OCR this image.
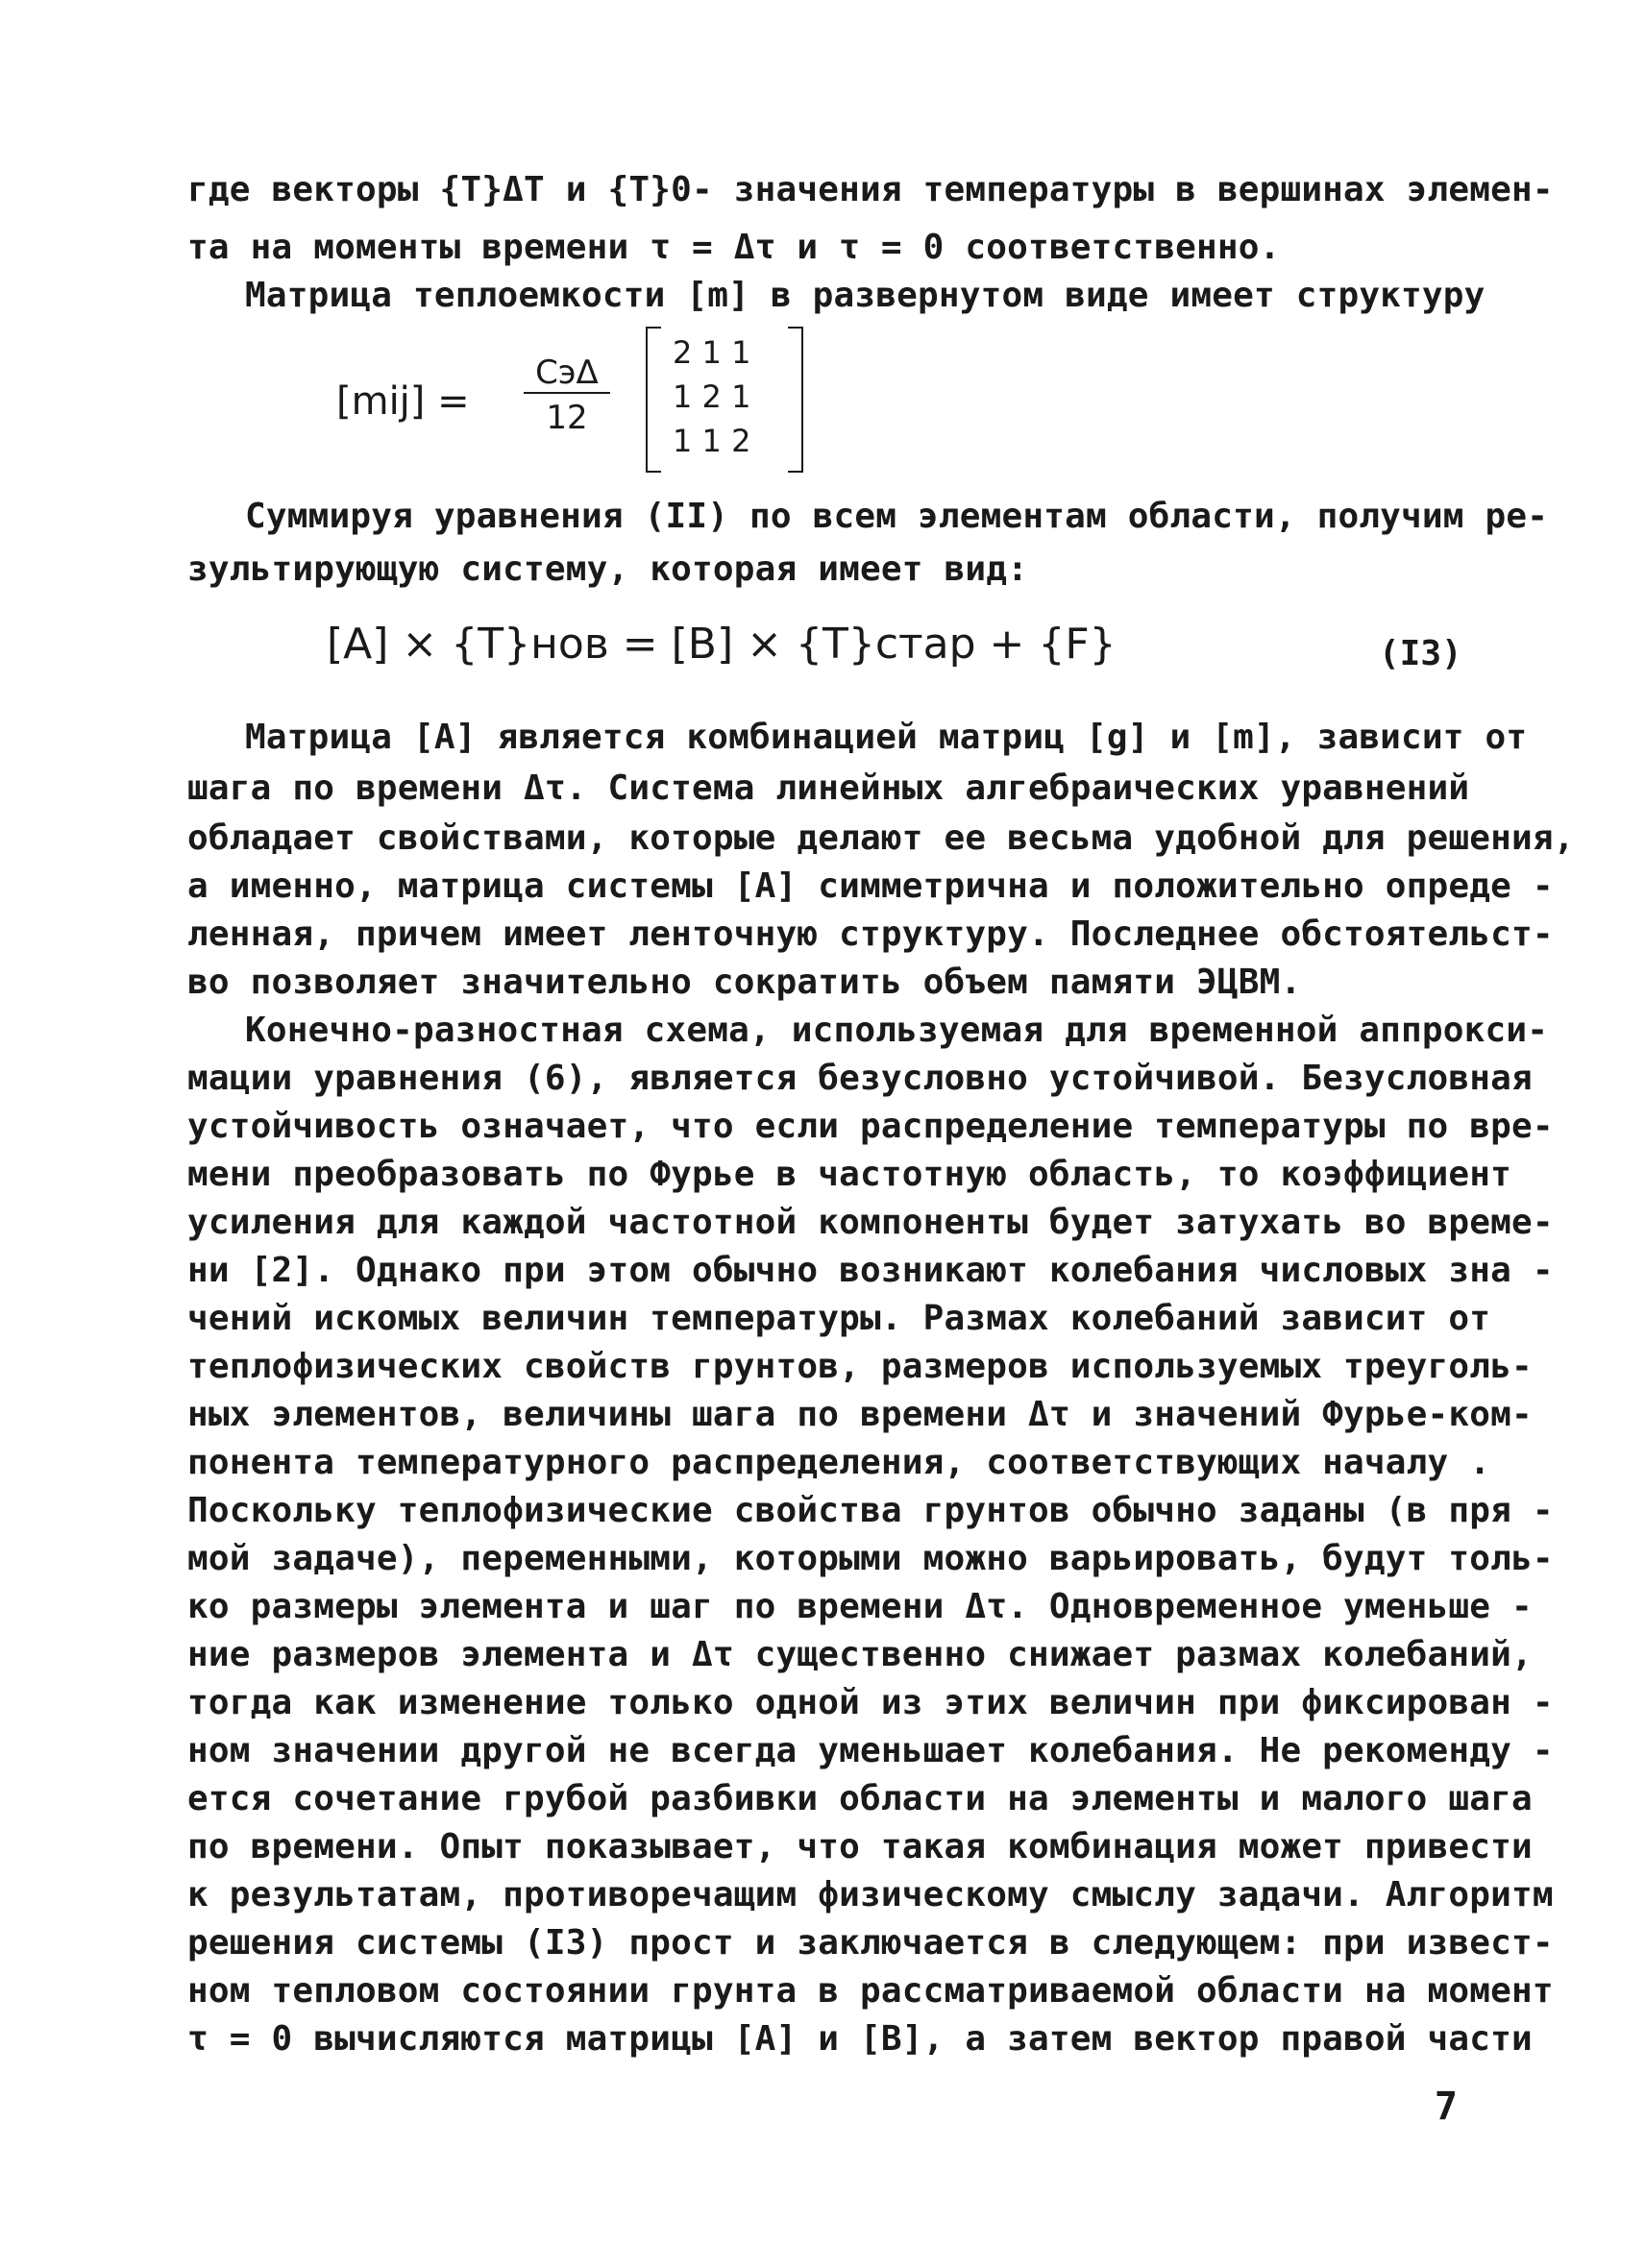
где векторы {T}ΔT и {T}0- значения температуры в вершинах элемен-
та на моменты времени τ = Δτ и τ = 0 соответственно.
Матрица теплоемкости [m] в развернутом виде имеет структуру
[mij] =
CэΔ
12
2 1 1
1 2 1
1 1 2
Суммируя уравнения (II) по всем элементам области, получим ре-
зультирующую систему, которая имеет вид:
[A] × {T}нов = [B] × {T}стар + {F}	(I3)
Матрица [A] является комбинацией матриц [g] и [m], зависит от
шага по времени Δτ. Система линейных алгебраических уравнений
обладает свойствами, которые делают ее весьма удобной для решения,
а именно, матрица системы [A] симметрична и положительно опреде -
ленная, причем имеет ленточную структуру. Последнее обстоятельст-
во позволяет значительно сократить объем памяти ЭЦВМ.
Конечно-разностная схема, используемая для временной аппрокси-
мации уравнения (6), является безусловно устойчивой. Безусловная
устойчивость означает, что если распределение температуры по вре-
мени преобразовать по Фурье в частотную область, то коэффициент
усиления для каждой частотной компоненты будет затухать во време-
ни [2]. Однако при этом обычно возникают колебания числовых зна -
чений искомых величин температуры. Размах колебаний зависит от
теплофизических свойств грунтов, размеров используемых треуголь-
ных элементов, величины шага по времени Δτ и значений Фурье-ком-
понента температурного распределения, соответствующих началу .
Поскольку теплофизические свойства грунтов обычно заданы (в пря -
мой задаче), переменными, которыми можно варьировать, будут толь-
ко размеры элемента и шаг по времени Δτ. Одновременное уменьше -
ние размеров элемента и Δτ существенно снижает размах колебаний,
тогда как изменение только одной из этих величин при фиксирован -
ном значении другой не всегда уменьшает колебания. Не рекоменду -
ется сочетание грубой разбивки области на элементы и малого шага
по времени. Опыт показывает, что такая комбинация может привести
к результатам, противоречащим физическому смыслу задачи. Алгоритм
решения системы (I3) прост и заключается в следующем: при извест-
ном тепловом состоянии грунта в рассматриваемой области на момент
τ = 0 вычисляются матрицы [A] и [B], а затем вектор правой части
7
